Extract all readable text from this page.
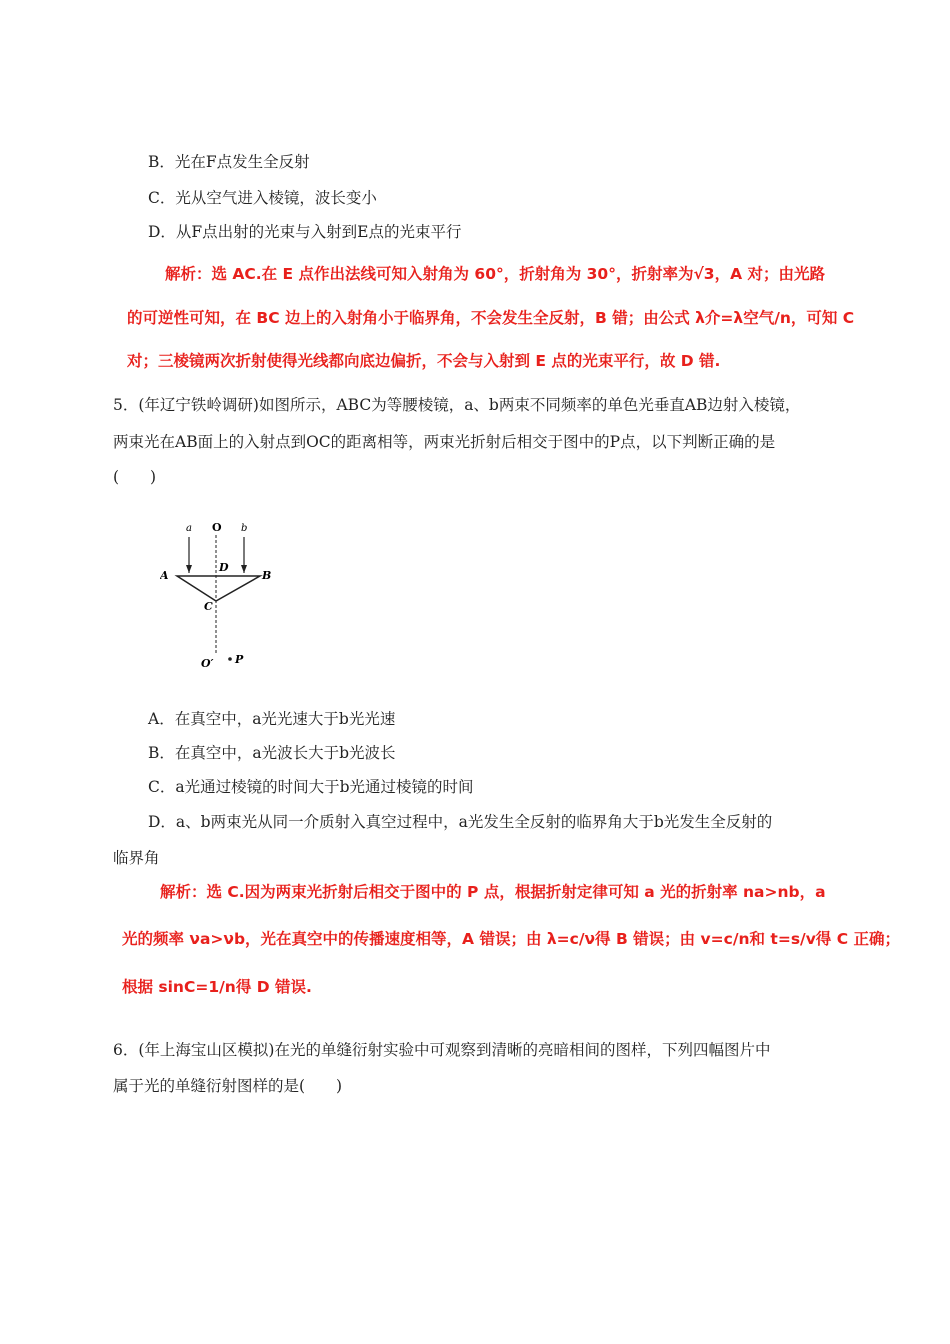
B．光在F点发生全反射
C．光从空气进入棱镜，波长变小
D．从F点出射的光束与入射到E点的光束平行
解析：选 AC.在 E 点作出法线可知入射角为 60°，折射角为 30°，折射率为√3，A 对；由光路
的可逆性可知，在 BC 边上的入射角小于临界角，不会发生全反射，B 错；由公式 λ介=λ空气/n，可知 C
对；三棱镜两次折射使得光线都向底边偏折，不会与入射到 E 点的光束平行，故 D 错.
5．(年辽宁铁岭调研)如图所示，ABC为等腰棱镜，a、b两束不同频率的单色光垂直AB边射入棱镜，
两束光在AB面上的入射点到OC的距离相等，两束光折射后相交于图中的P点，以下判断正确的是
(　　)
a O b
A
D
B
C
O′ P
A．在真空中，a光光速大于b光光速
B．在真空中，a光波长大于b光波长
C．a光通过棱镜的时间大于b光通过棱镜的时间
D．a、b两束光从同一介质射入真空过程中，a光发生全反射的临界角大于b光发生全反射的
临界角
解析：选 C.因为两束光折射后相交于图中的 P 点，根据折射定律可知 a 光的折射率 na>nb，a
光的频率 νa>νb，光在真空中的传播速度相等，A 错误；由 λ=c/ν得 B 错误；由 v=c/n和 t=s/v得 C 正确；
根据 sinC=1/n得 D 错误.
6．(年上海宝山区模拟)在光的单缝衍射实验中可观察到清晰的亮暗相间的图样，下列四幅图片中
属于光的单缝衍射图样的是(　　)
